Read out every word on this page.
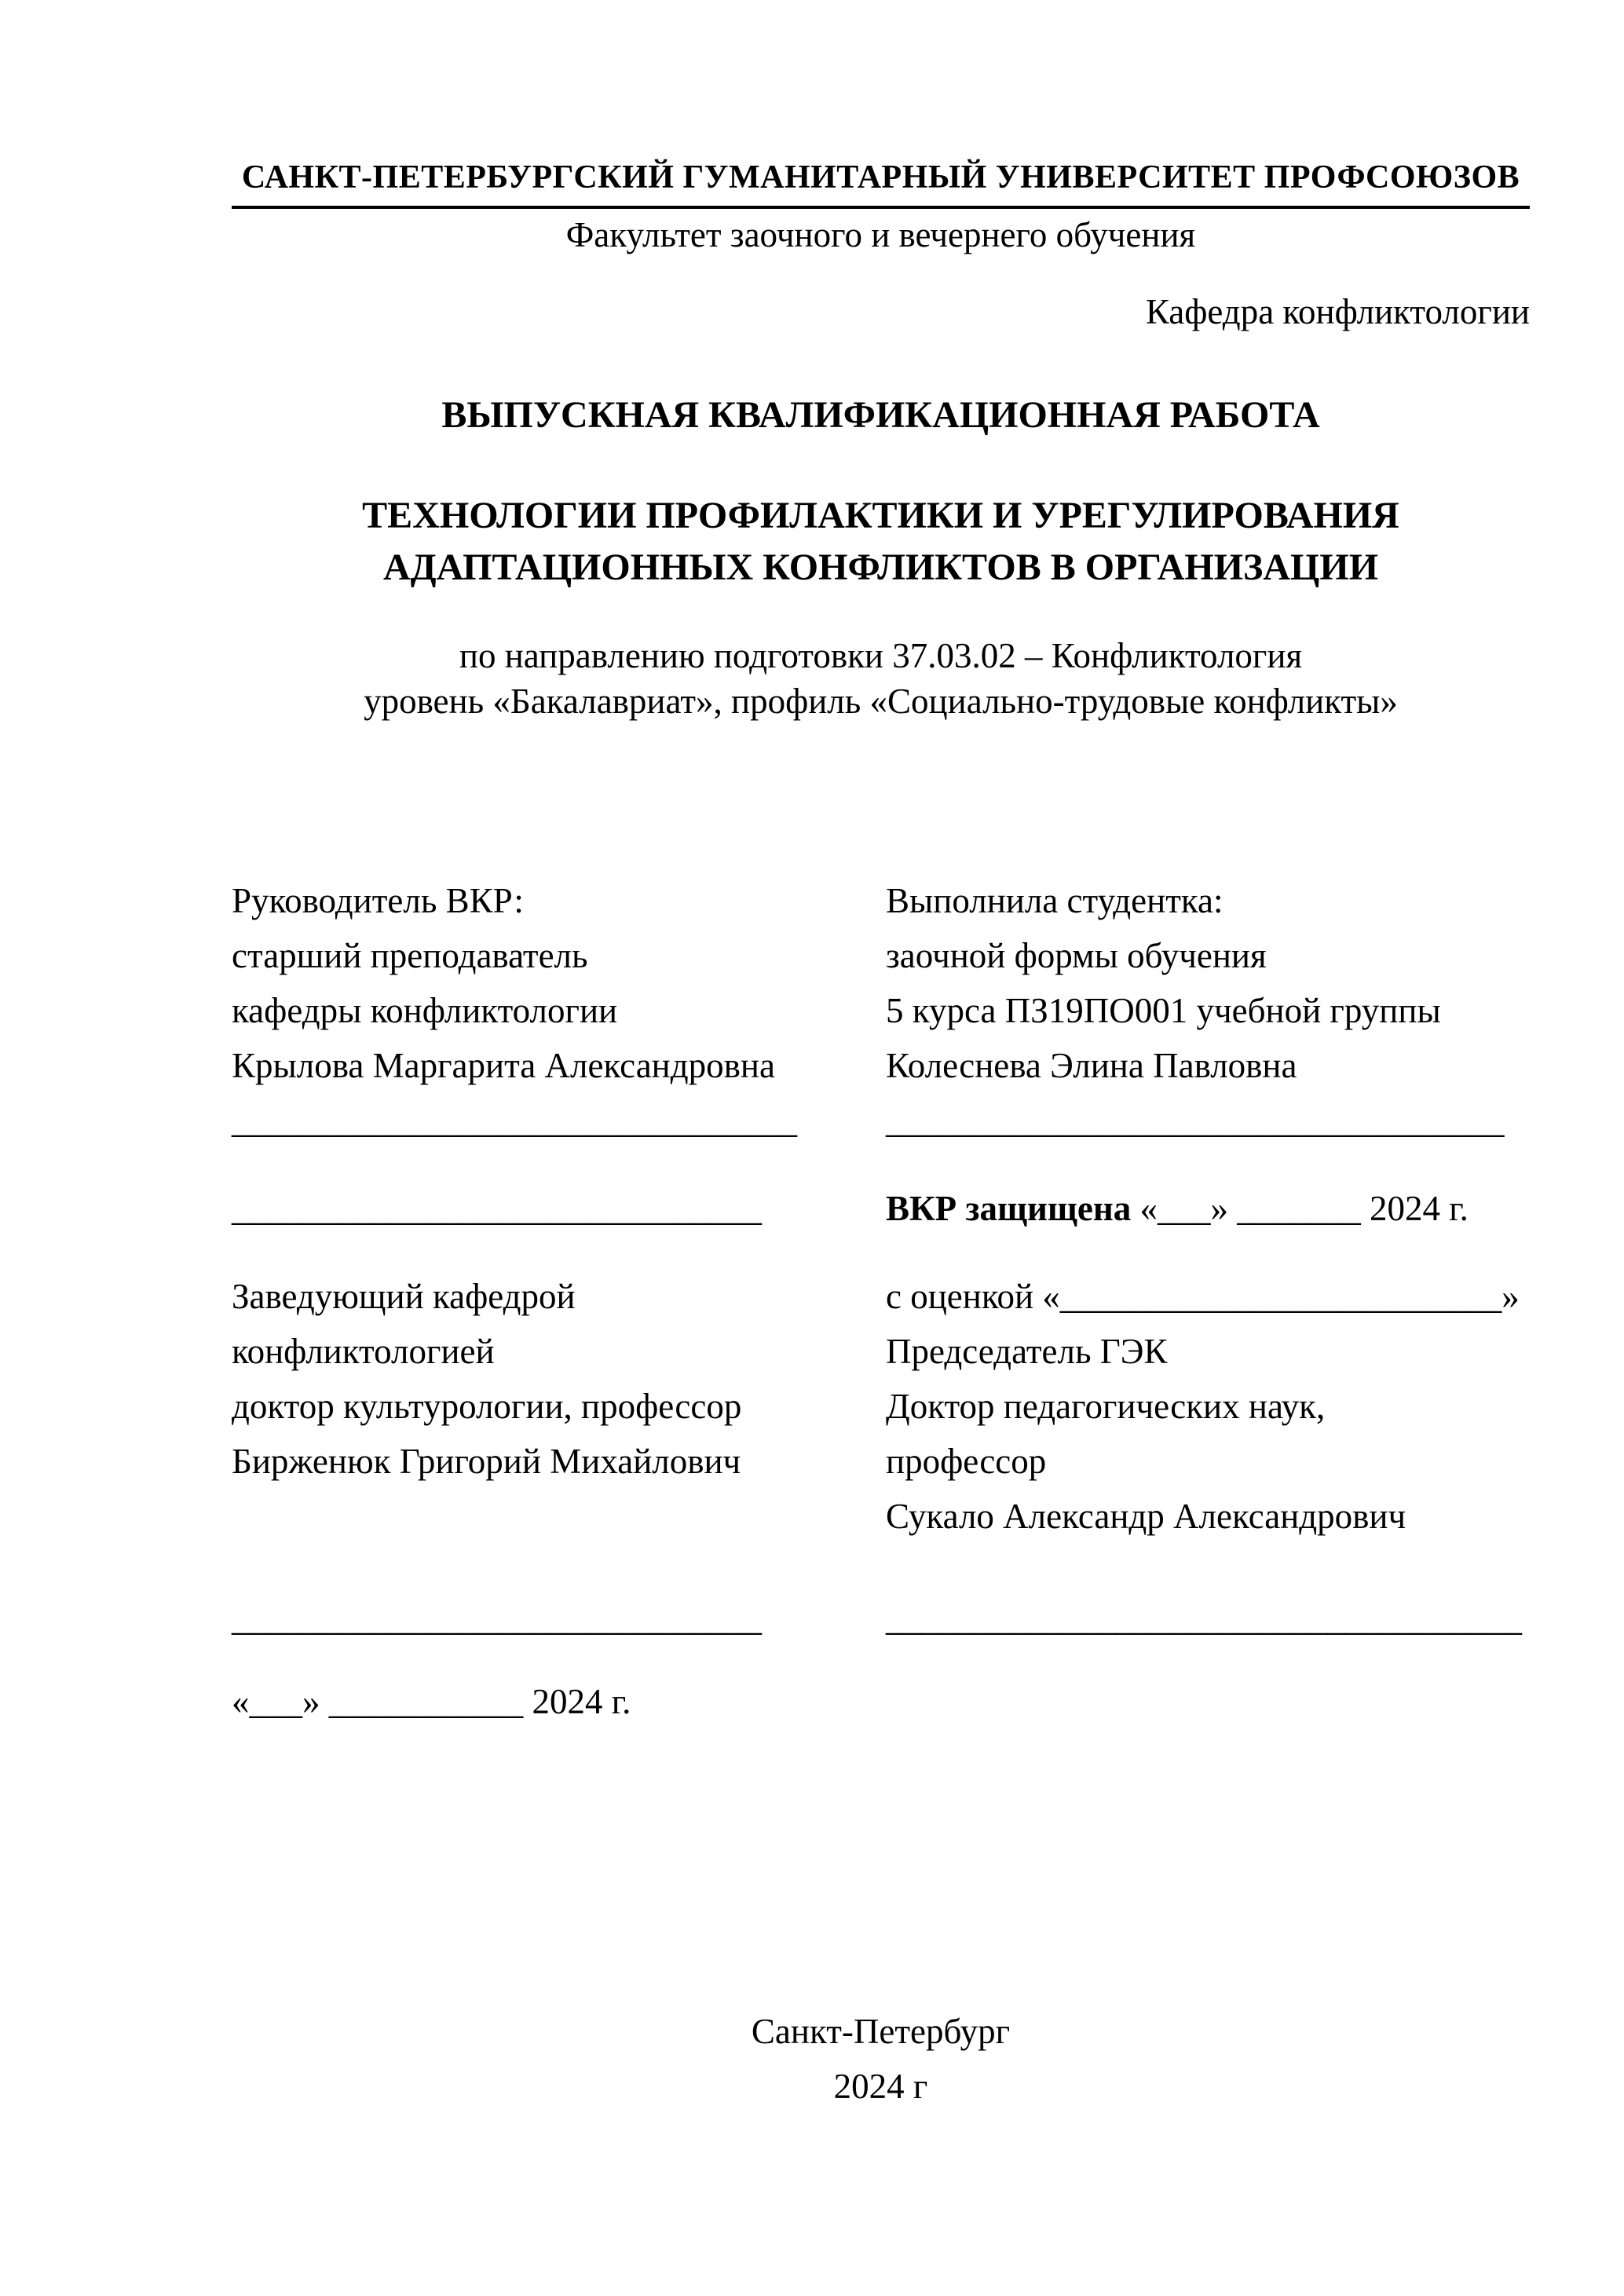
САНКТ-ПЕТЕРБУРГСКИЙ ГУМАНИТАРНЫЙ УНИВЕРСИТЕТ ПРОФСОЮЗОВ
Факультет заочного и вечернего обучения
Кафедра конфликтологии
ВЫПУСКНАЯ КВАЛИФИКАЦИОННАЯ РАБОТА
ТЕХНОЛОГИИ ПРОФИЛАКТИКИ И УРЕГУЛИРОВАНИЯ
АДАПТАЦИОННЫХ КОНФЛИКТОВ В ОРГАНИЗАЦИИ
по направлению подготовки 37.03.02 – Конфликтология
уровень «Бакалавриат», профиль «Социально-трудовые конфликты»
Руководитель ВКР:
старший преподаватель
кафедры конфликтологии
Крылова Маргарита Александровна
________________________________
______________________________
Заведующий кафедрой
конфликтологией
доктор культурологии, профессор
Бирженюк Григорий Михайлович
______________________________
«___» ___________ 2024 г.
Выполнила студентка:
заочной формы обучения
5 курса ПЗ19ПО001 учебной группы
Колеснева Элина Павловна
___________________________________
ВКР защищена «___» _______ 2024 г.
с оценкой «_________________________»
Председатель ГЭК
Доктор педагогических наук,
профессор
Сукало Александр Александрович
____________________________________
Санкт-Петербург
2024 г
